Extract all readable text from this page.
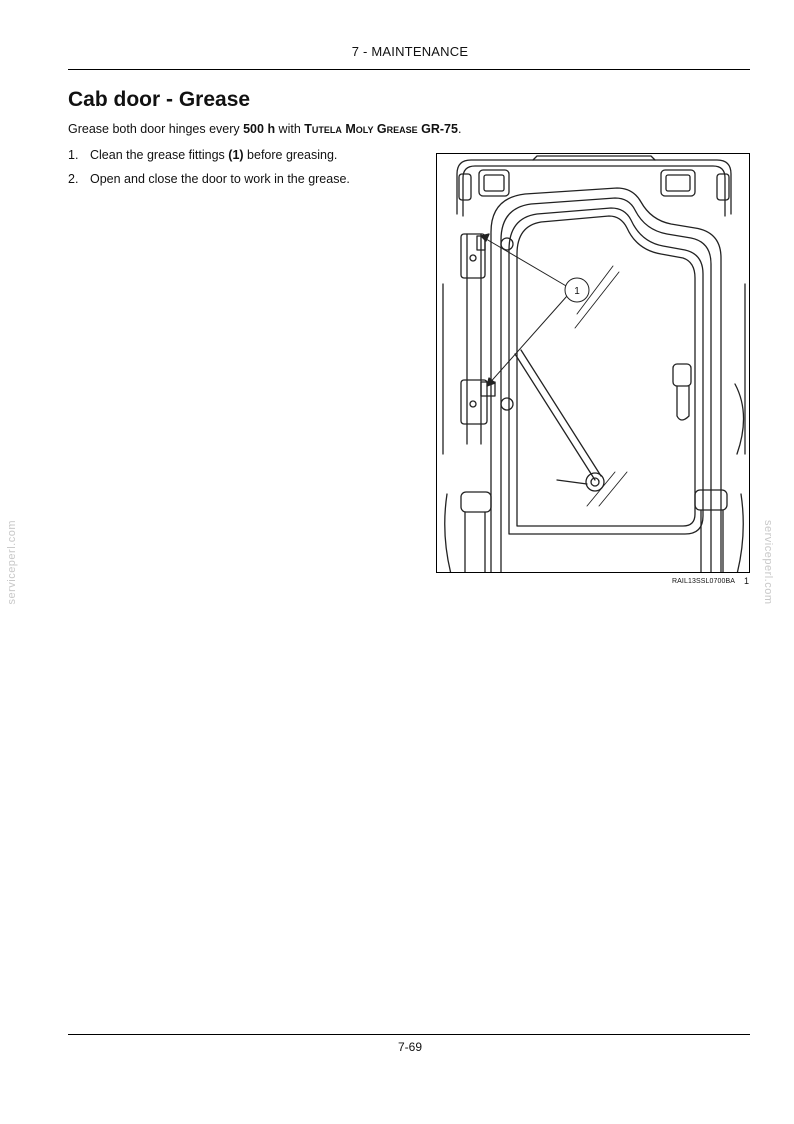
7 - MAINTENANCE
Cab door - Grease
Grease both door hinges every 500 h with Tutela Moly Grease GR-75.
1. Clean the grease fittings (1) before greasing.
2. Open and close the door to work in the grease.
1
RAIL13SSL0700BA 1
serviceperl.com	serviceperl.com
7-69
